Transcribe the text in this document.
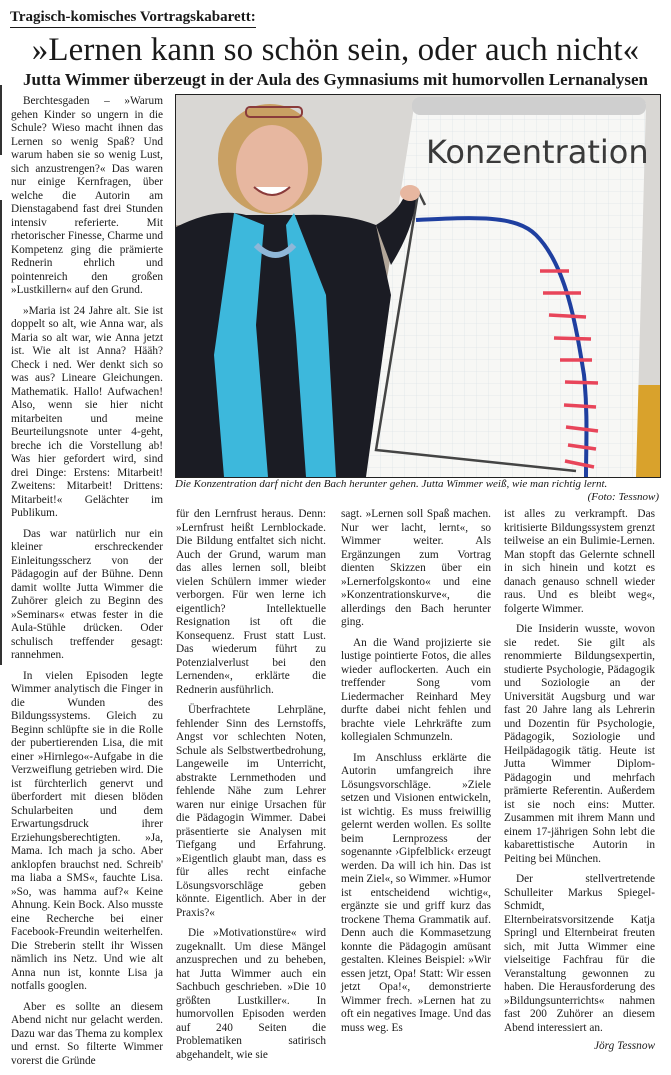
Tragisch-komisches Vortragskabarett:
»Lernen kann so schön sein, oder auch nicht«
Jutta Wimmer überzeugt in der Aula des Gymnasiums mit humorvollen Lernanalysen
Konzentration
Die Konzentration darf nicht den Bach herunter gehen. Jutta Wimmer weiß, wie man richtig lernt.
(Foto: Tessnow)

Berchtesgaden – »Warum gehen Kinder so ungern in die Schule? Wieso macht ihnen das Lernen so wenig Spaß? Und warum haben sie so wenig Lust, sich anzustrengen?« Das waren nur einige Kernfragen, über welche die Autorin am Dienstagabend fast drei Stunden intensiv referierte. Mit rhetorischer Finesse, Charme und Kompetenz ging die prämierte Rednerin ehrlich und pointenreich den großen »Lustkillern« auf den Grund.

»Maria ist 24 Jahre alt. Sie ist doppelt so alt, wie Anna war, als Maria so alt war, wie Anna jetzt ist. Wie alt ist Anna? Hääh? Check i ned. Wer denkt sich so was aus? Lineare Gleichungen. Mathematik. Hallo! Aufwachen! Also, wenn sie hier nicht mitarbeiten und meine Beurteilungsnote unter 4-geht, breche ich die Vorstellung ab! Was hier gefordert wird, sind drei Dinge: Erstens: Mitarbeit! Zweitens: Mitarbeit! Drittens: Mitarbeit!« Gelächter im Publikum.

Das war natürlich nur ein kleiner erschreckender Einleitungsscherz von der Pädagogin auf der Bühne. Denn damit wollte Jutta Wimmer die Zuhörer gleich zu Beginn des »Seminars« etwas fester in die Aula-Stühle drücken. Oder schulisch treffender gesagt: rannehmen.

In vielen Episoden legte Wimmer analytisch die Finger in die Wunden des Bildungssystems. Gleich zu Beginn schlüpfte sie in die Rolle der pubertierenden Lisa, die mit einer »Hirnlego«-Aufgabe in die Verzweiflung getrieben wird. Die ist fürchterlich genervt und überfordert mit diesen blöden Schularbeiten und dem Erwartungsdruck ihrer Erziehungsberechtigten. »Ja, Mama. Ich mach ja scho. Aber anklopfen brauchst ned. Schreib' ma liaba a SMS«, fauchte Lisa. »So, was hamma auf?« Keine Ahnung. Kein Bock. Also musste eine Recherche bei einer Facebook-Freundin weiterhelfen. Die Streberin stellt ihr Wissen nämlich ins Netz. Und wie alt Anna nun ist, konnte Lisa ja notfalls googlen.

Aber es sollte an diesem Abend nicht nur gelacht werden. Dazu war das Thema zu komplex und ernst. So filterte Wimmer vorerst die Gründe

für den Lernfrust heraus. Denn: »Lernfrust heißt Lernblockade. Die Bildung entfaltet sich nicht. Auch der Grund, warum man das alles lernen soll, bleibt vielen Schülern immer wieder verborgen. Für wen lerne ich eigentlich? Intellektuelle Resignation ist oft die Konsequenz. Frust statt Lust. Das wiederum führt zu Potenzialverlust bei den Lernenden«, erklärte die Rednerin ausführlich.

Überfrachtete Lehrpläne, fehlender Sinn des Lernstoffs, Angst vor schlechten Noten, Schule als Selbstwertbedrohung, Langeweile im Unterricht, abstrakte Lernmethoden und fehlende Nähe zum Lehrer waren nur einige Ursachen für die Pädagogin Wimmer. Dabei präsentierte sie Analysen mit Tiefgang und Erfahrung. »Eigentlich glaubt man, dass es für alles recht einfache Lösungsvorschläge geben könnte. Eigentlich. Aber in der Praxis?«

Die »Motivationstüre« wird zugeknallt. Um diese Mängel anzusprechen und zu beheben, hat Jutta Wimmer auch ein Sachbuch geschrieben. »Die 10 größten Lustkiller«. In humorvollen Episoden werden auf 240 Seiten die Problematiken satirisch abgehandelt, wie sie

sagt. »Lernen soll Spaß machen. Nur wer lacht, lernt«, so Wimmer weiter. Als Ergänzungen zum Vortrag dienten Skizzen über ein »Lernerfolgskonto« und eine »Konzentrationskurve«, die allerdings den Bach herunter ging.

An die Wand projizierte sie lustige pointierte Fotos, die alles wieder auflockerten. Auch ein treffender Song vom Liedermacher Reinhard Mey durfte dabei nicht fehlen und brachte viele Lehrkräfte zum kollegialen Schmunzeln.

Im Anschluss erklärte die Autorin umfangreich ihre Lösungsvorschläge. »Ziele setzen und Visionen entwickeln, ist wichtig. Es muss freiwillig gelernt werden wollen. Es sollte beim Lernprozess der sogenannte ›Gipfelblick‹ erzeugt werden. Da will ich hin. Das ist mein Ziel«, so Wimmer. »Humor ist entscheidend wichtig«, ergänzte sie und griff kurz das trockene Thema Grammatik auf. Denn auch die Kommasetzung konnte die Pädagogin amüsant gestalten. Kleines Beispiel: »Wir essen jetzt, Opa! Statt: Wir essen jetzt Opa!«, demonstrierte Wimmer frech. »Lernen hat zu oft ein negatives Image. Und das muss weg. Es

ist alles zu verkrampft. Das kritisierte Bildungssystem grenzt teilweise an ein Bulimie-Lernen. Man stopft das Gelernte schnell in sich hinein und kotzt es danach genauso schnell wieder raus. Und es bleibt weg«, folgerte Wimmer.

Die Insiderin wusste, wovon sie redet. Sie gilt als renommierte Bildungsexpertin, studierte Psychologie, Pädagogik und Soziologie an der Universität Augsburg und war fast 20 Jahre lang als Lehrerin und Dozentin für Psychologie, Pädagogik, Soziologie und Heilpädagogik tätig. Heute ist Jutta Wimmer Diplom-Pädagogin und mehrfach prämierte Referentin. Außerdem ist sie noch eins: Mutter. Zusammen mit ihrem Mann und einem 17-jährigen Sohn lebt die kabarettistische Autorin in Peiting bei München.

Der stellvertretende Schulleiter Markus Spiegel-Schmidt, Elternbeiratsvorsitzende Katja Springl und Elternbeirat freuten sich, mit Jutta Wimmer eine vielseitige Fachfrau für die Veranstaltung gewonnen zu haben. Die Herausforderung des »Bildungsunterrichts« nahmen fast 200 Zuhörer an diesem Abend interessiert an.

Jörg Tessnow
